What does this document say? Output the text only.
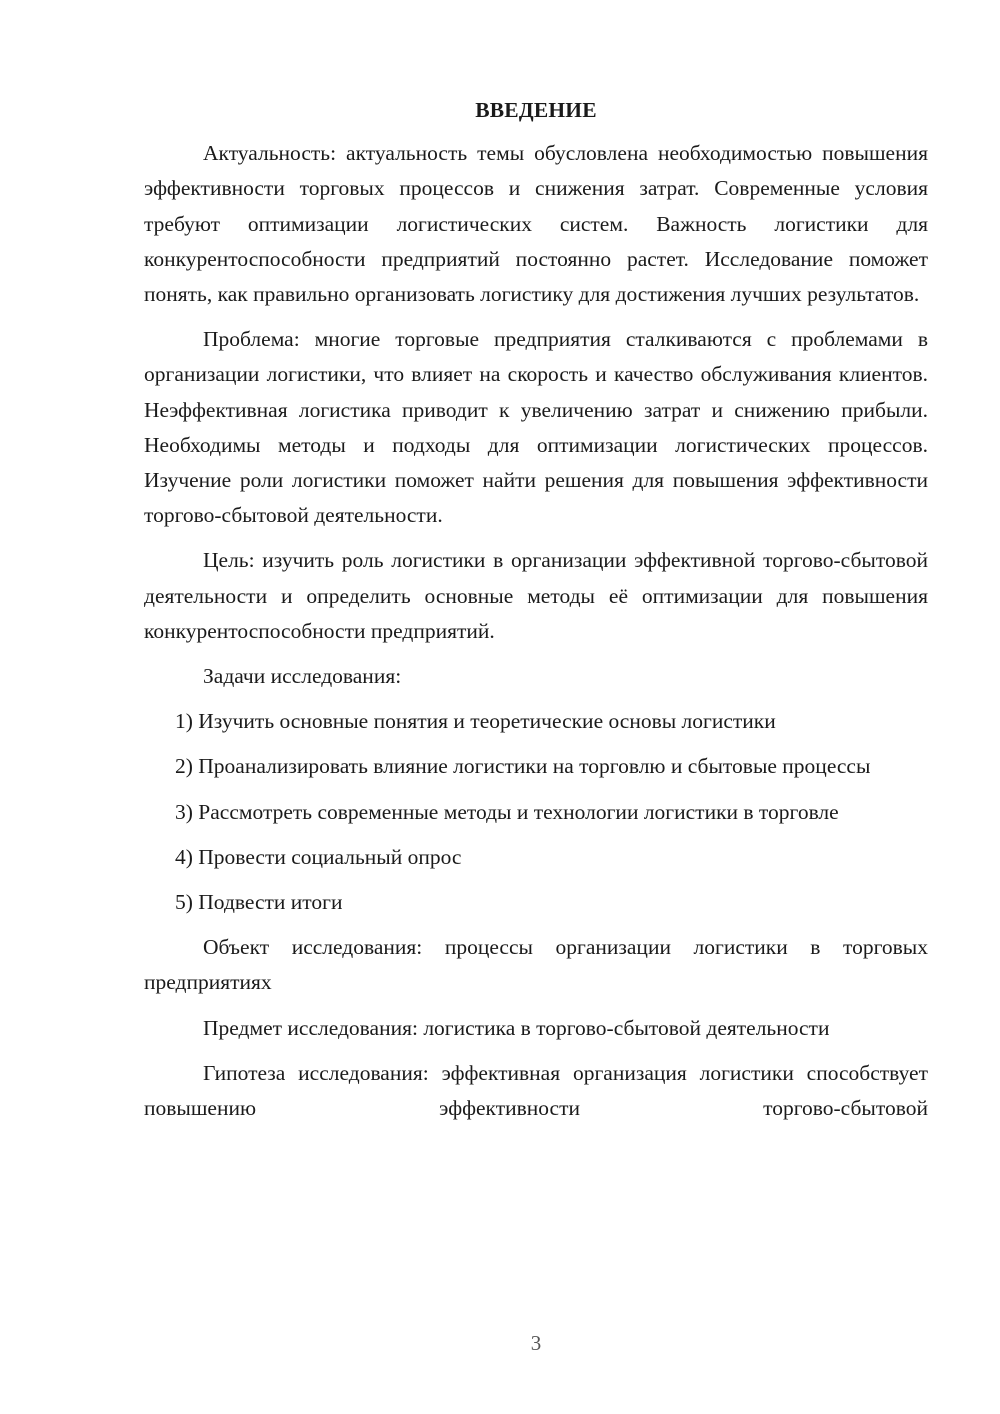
ВВЕДЕНИЕ

Актуальность: актуальность темы обусловлена необходимостью повышения эффективности торговых процессов и снижения затрат. Современные условия требуют оптимизации логистических систем. Важность логистики для конкурентоспособности предприятий постоянно растет. Исследование поможет понять, как правильно организовать логистику для достижения лучших результатов.

Проблема: многие торговые предприятия сталкиваются с проблемами в организации логистики, что влияет на скорость и качество обслуживания клиентов. Неэффективная логистика приводит к увеличению затрат и снижению прибыли. Необходимы методы и подходы для оптимизации логистических процессов. Изучение роли логистики поможет найти решения для повышения эффективности торгово-сбытовой деятельности.

Цель: изучить роль логистики в организации эффективной торгово-сбытовой деятельности и определить основные методы её оптимизации для повышения конкурентоспособности предприятий.

Задачи исследования:

1) Изучить основные понятия и теоретические основы логистики

2) Проанализировать влияние логистики на торговлю и сбытовые процессы

3) Рассмотреть современные методы и технологии логистики в торговле

4) Провести социальный опрос

5) Подвести итоги

Объект исследования: процессы организации логистики в торговых предприятиях

Предмет исследования: логистика в торгово-сбытовой деятельности

Гипотеза исследования: эффективная организация логистики способствует повышению эффективности торгово-сбытовой

3
